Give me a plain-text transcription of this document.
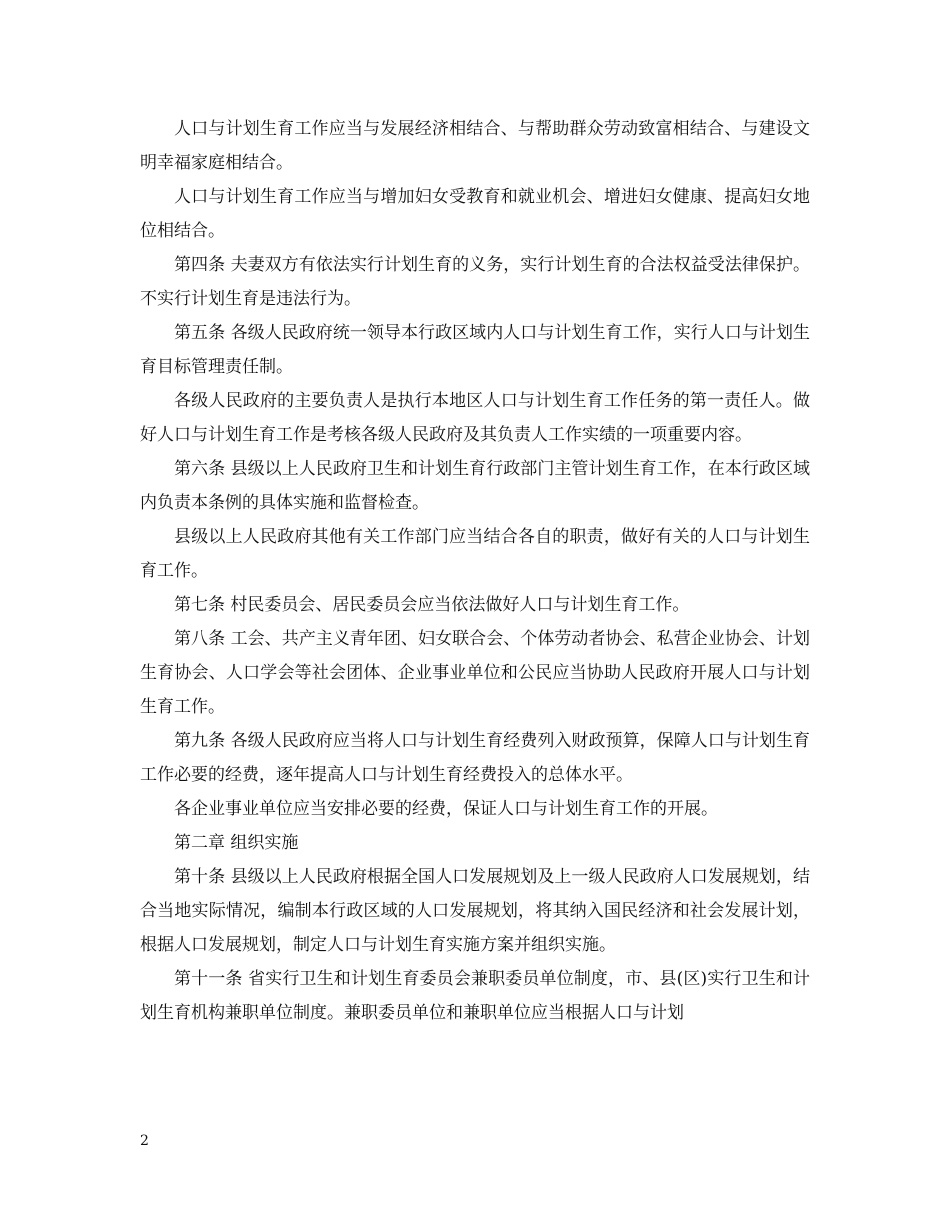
人口与计划生育工作应当与发展经济相结合、与帮助群众劳动致富相结合、与建设文明幸福家庭相结合。

人口与计划生育工作应当与增加妇女受教育和就业机会、增进妇女健康、提高妇女地位相结合。

第四条 夫妻双方有依法实行计划生育的义务，实行计划生育的合法权益受法律保护。不实行计划生育是违法行为。

第五条 各级人民政府统一领导本行政区域内人口与计划生育工作，实行人口与计划生育目标管理责任制。

各级人民政府的主要负责人是执行本地区人口与计划生育工作任务的第一责任人。做好人口与计划生育工作是考核各级人民政府及其负责人工作实绩的一项重要内容。

第六条 县级以上人民政府卫生和计划生育行政部门主管计划生育工作，在本行政区域内负责本条例的具体实施和监督检查。

县级以上人民政府其他有关工作部门应当结合各自的职责，做好有关的人口与计划生育工作。

第七条 村民委员会、居民委员会应当依法做好人口与计划生育工作。

第八条 工会、共产主义青年团、妇女联合会、个体劳动者协会、私营企业协会、计划生育协会、人口学会等社会团体、企业事业单位和公民应当协助人民政府开展人口与计划生育工作。

第九条 各级人民政府应当将人口与计划生育经费列入财政预算，保障人口与计划生育工作必要的经费，逐年提高人口与计划生育经费投入的总体水平。

各企业事业单位应当安排必要的经费，保证人口与计划生育工作的开展。

第二章 组织实施

第十条 县级以上人民政府根据全国人口发展规划及上一级人民政府人口发展规划，结合当地实际情况，编制本行政区域的人口发展规划，将其纳入国民经济和社会发展计划，根据人口发展规划，制定人口与计划生育实施方案并组织实施。

第十一条 省实行卫生和计划生育委员会兼职委员单位制度，市、县(区)实行卫生和计划生育机构兼职单位制度。兼职委员单位和兼职单位应当根据人口与计划

2
